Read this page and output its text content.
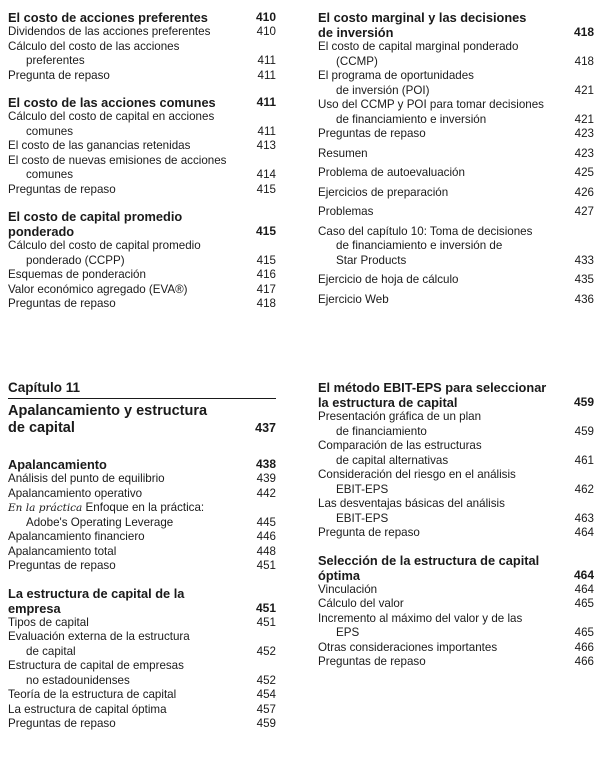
El costo de acciones preferentes	410
Dividendos de las acciones preferentes	410
Cálculo del costo de las acciones
preferentes	411
Pregunta de repaso	411
El costo de las acciones comunes	411
Cálculo del costo de capital en acciones
comunes	411
El costo de las ganancias retenidas	413
El costo de nuevas emisiones de acciones
comunes	414
Preguntas de repaso	415
El costo de capital promedio
ponderado	415
Cálculo del costo de capital promedio
ponderado (CCPP)	415
Esquemas de ponderación	416
Valor económico agregado (EVA®)	417
Preguntas de repaso	418
El costo marginal y las decisiones
de inversión	418
El costo de capital marginal ponderado
(CCMP)	418
El programa de oportunidades
de inversión (POI)	421
Uso del CCMP y POI para tomar decisiones
de financiamiento e inversión	421
Preguntas de repaso	423
Resumen	423
Problema de autoevaluación	425
Ejercicios de preparación	426
Problemas	427
Caso del capítulo 10: Toma de decisiones
de financiamiento e inversión de
Star Products	433
Ejercicio de hoja de cálculo	435
Ejercicio Web	436
Capítulo 11
Apalancamiento y estructura
de capital	437
Apalancamiento	438
Análisis del punto de equilibrio	439
Apalancamiento operativo	442
En la práctica Enfoque en la práctica:
Adobe's Operating Leverage	445
Apalancamiento financiero	446
Apalancamiento total	448
Preguntas de repaso	451
La estructura de capital de la
empresa	451
Tipos de capital	451
Evaluación externa de la estructura
de capital	452
Estructura de capital de empresas
no estadounidenses	452
Teoría de la estructura de capital	454
La estructura de capital óptima	457
Preguntas de repaso	459
El método EBIT-EPS para seleccionar
la estructura de capital	459
Presentación gráfica de un plan
de financiamiento	459
Comparación de las estructuras
de capital alternativas	461
Consideración del riesgo en el análisis
EBIT-EPS	462
Las desventajas básicas del análisis
EBIT-EPS	463
Pregunta de repaso	464
Selección de la estructura de capital
óptima	464
Vinculación	464
Cálculo del valor	465
Incremento al máximo del valor y de las
EPS	465
Otras consideraciones importantes	466
Preguntas de repaso	466
